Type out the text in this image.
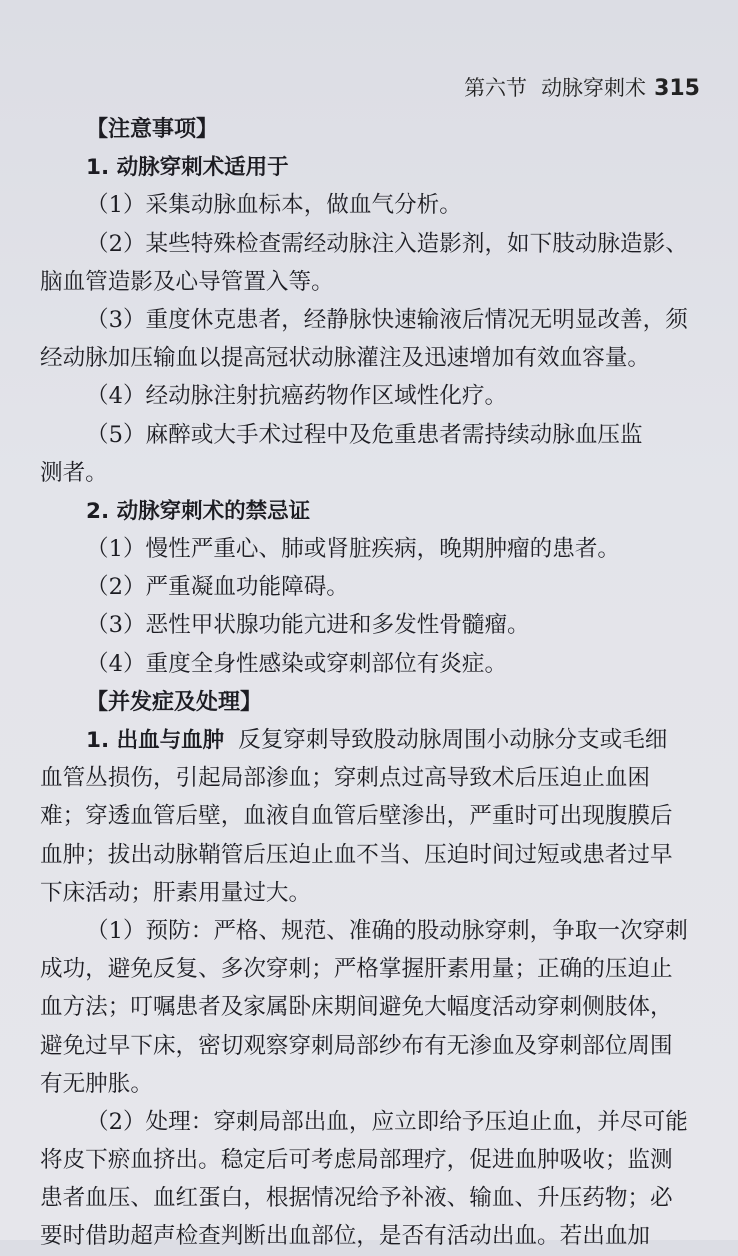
第六节 动脉穿刺术 315
【注意事项】
1. 动脉穿刺术适用于
（1）采集动脉血标本，做血气分析。
（2）某些特殊检查需经动脉注入造影剂，如下肢动脉造影、
脑血管造影及心导管置入等。
（3）重度休克患者，经静脉快速输液后情况无明显改善，须
经动脉加压输血以提高冠状动脉灌注及迅速增加有效血容量。
（4）经动脉注射抗癌药物作区域性化疗。
（5）麻醉或大手术过程中及危重患者需持续动脉血压监
测者。
2. 动脉穿刺术的禁忌证
（1）慢性严重心、肺或肾脏疾病，晚期肿瘤的患者。
（2）严重凝血功能障碍。
（3）恶性甲状腺功能亢进和多发性骨髓瘤。
（4）重度全身性感染或穿刺部位有炎症。
【并发症及处理】
1. 出血与血肿 反复穿刺导致股动脉周围小动脉分支或毛细
血管丛损伤，引起局部渗血；穿刺点过高导致术后压迫止血困
难；穿透血管后壁，血液自血管后壁渗出，严重时可出现腹膜后
血肿；拔出动脉鞘管后压迫止血不当、压迫时间过短或患者过早
下床活动；肝素用量过大。
（1）预防：严格、规范、准确的股动脉穿刺，争取一次穿刺
成功，避免反复、多次穿刺；严格掌握肝素用量；正确的压迫止
血方法；叮嘱患者及家属卧床期间避免大幅度活动穿刺侧肢体，
避免过早下床，密切观察穿刺局部纱布有无渗血及穿刺部位周围
有无肿胀。
（2）处理：穿刺局部出血，应立即给予压迫止血，并尽可能
将皮下瘀血挤出。稳定后可考虑局部理疗，促进血肿吸收；监测
患者血压、血红蛋白，根据情况给予补液、输血、升压药物；必
要时借助超声检查判断出血部位，是否有活动出血。若出血加
